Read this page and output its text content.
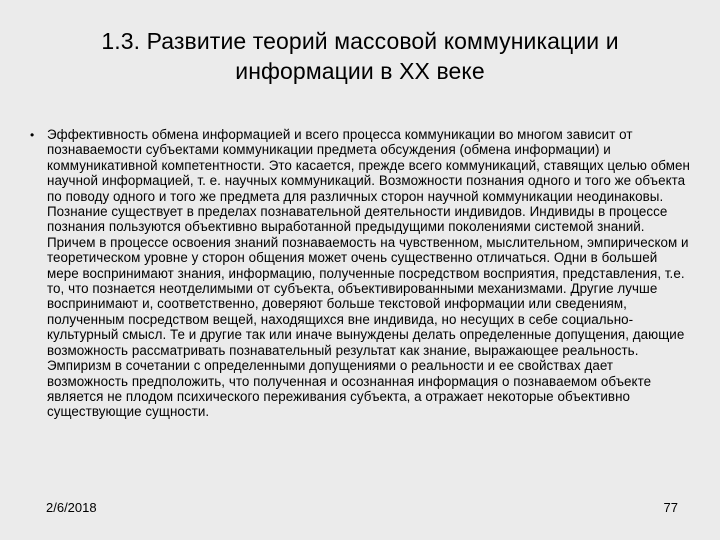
1.3. Развитие теорий массовой коммуникации и информации в XX веке
• Эффективность обмена информацией и всего процесса коммуникации во многом зависит от познаваемости субъектами коммуникации предмета обсуждения (обмена информации) и коммуникативной компетентности. Это касается, прежде всего коммуникаций, ставящих целью обмен научной информацией, т. е. научных коммуникаций. Возможности познания одного и того же объекта по поводу одного и того же предмета для различных сторон научной коммуникации неодинаковы. Познание существует в пределах познавательной деятельности индивидов. Индивиды в процессе познания пользуются объективно выработанной предыдущими поколениями системой знаний. Причем в процессе освоения знаний познаваемость на чувственном, мыслительном, эмпирическом и теоретическом уровне у сторон общения может очень существенно отличаться. Одни в большей мере воспринимают знания, информацию, полученные посредством восприятия, представления, т.е. то, что познается неотделимыми от субъекта, объективированными механизмами. Другие лучше воспринимают и, соответственно, доверяют больше текстовой информации или сведениям, полученным посредством вещей, находящихся вне индивида, но несущих в себе социально-культурный смысл. Те и другие так или иначе вынуждены делать определенные допущения, дающие возможность рассматривать познавательный результат как знание, выражающее реальность. Эмпиризм в сочетании с определенными допущениями о реальности и ее свойствах дает возможность предположить, что полученная и осознанная информация о познаваемом объекте является не плодом психического переживания субъекта, а отражает некоторые объективно существующие сущности.
2/6/2018	77
